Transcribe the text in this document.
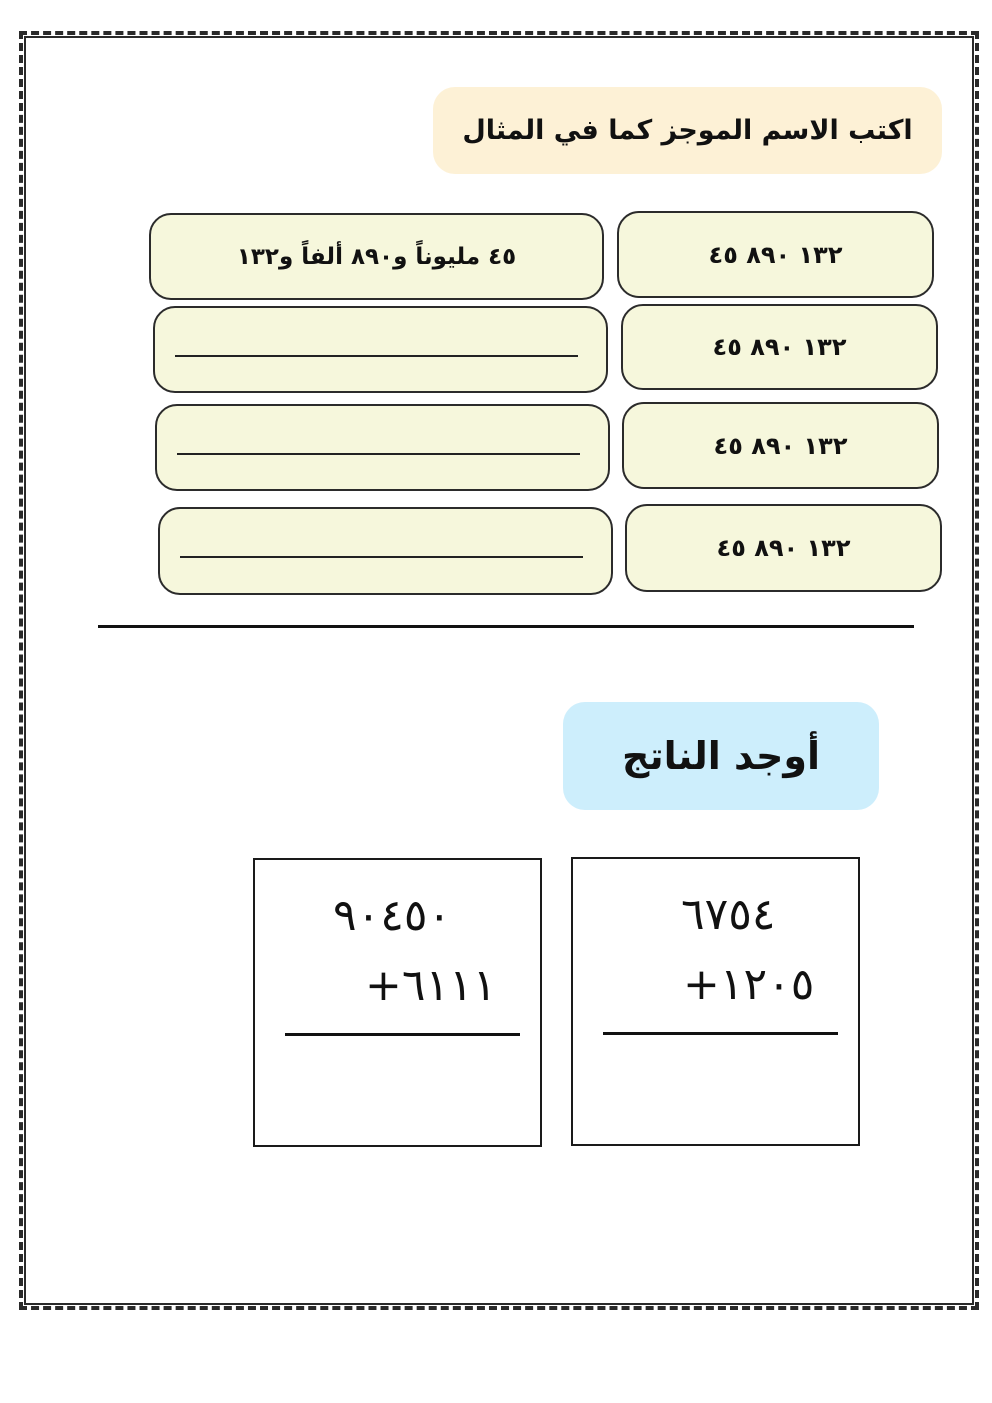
اكتب الاسم الموجز كما في المثال
١٣٢ ٨٩٠ ٤٥
٤٥ مليوناً و٨٩٠ ألفاً و١٣٢
١٣٢ ٨٩٠ ٤٥
١٣٢ ٨٩٠ ٤٥
١٣٢ ٨٩٠ ٤٥
أوجد الناتج
٦٧٥٤
+١٢٠٥
٩٠٤٥٠
+٦١١١
